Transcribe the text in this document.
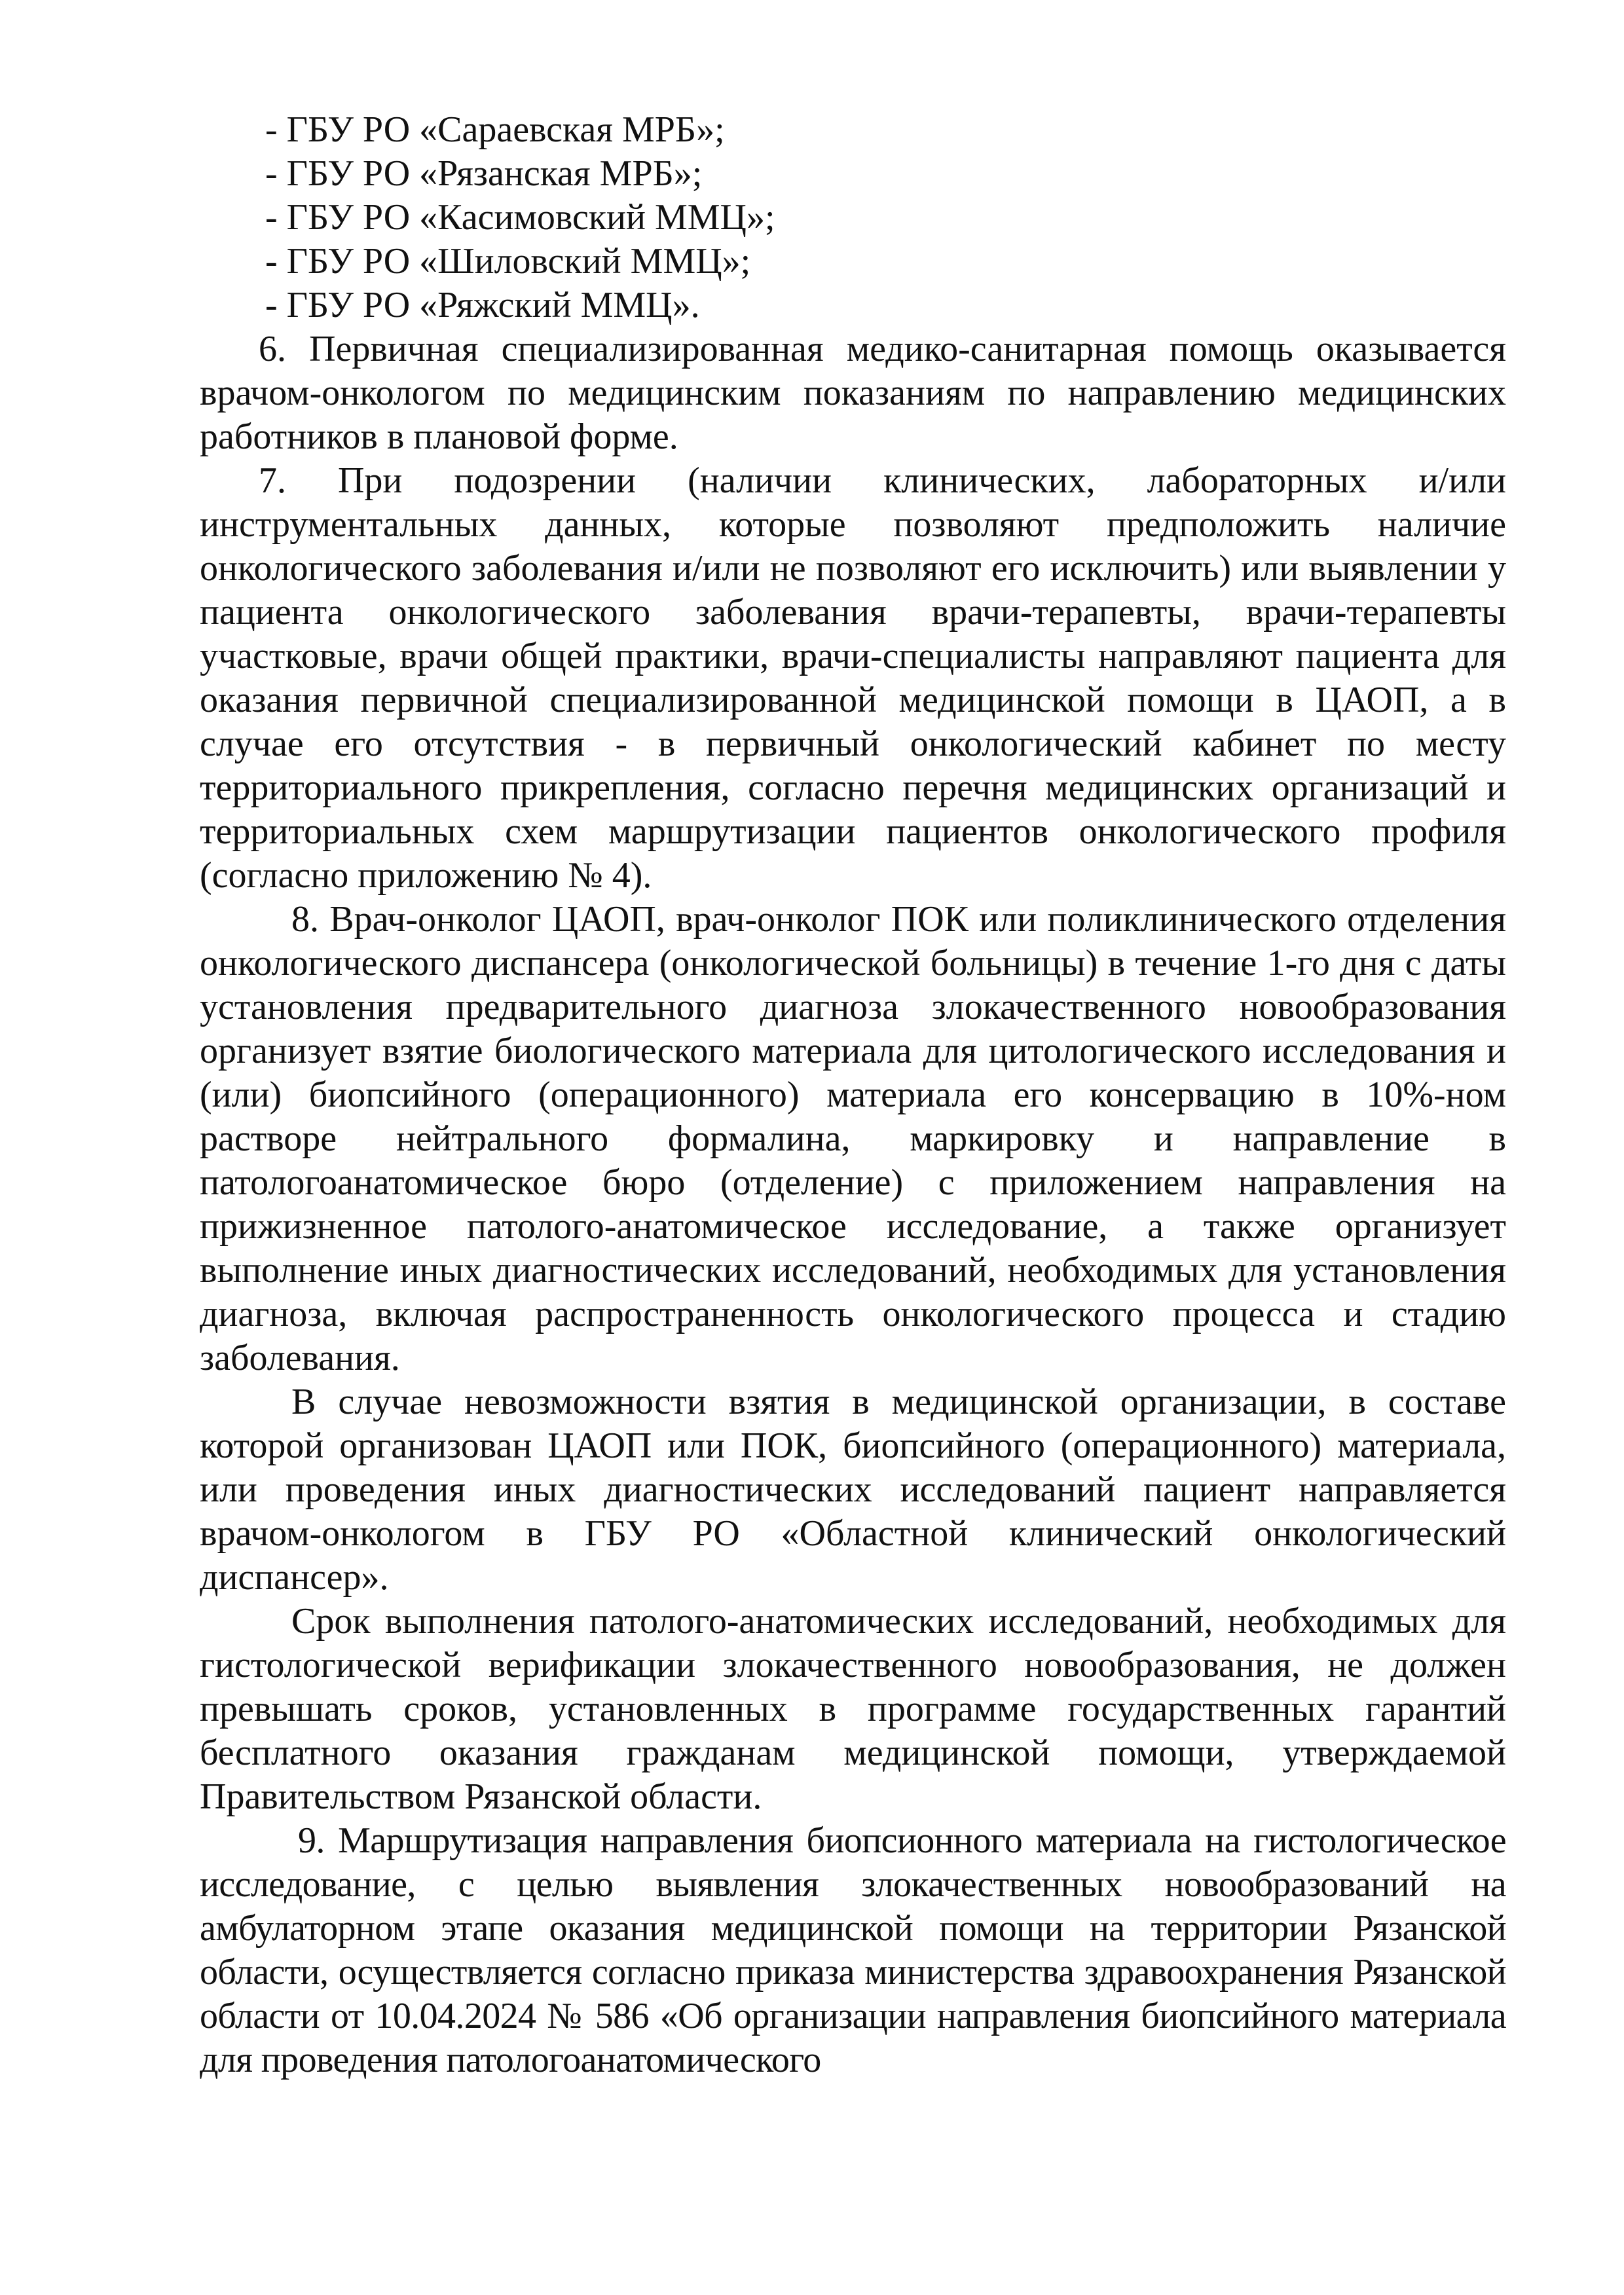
- ГБУ РО «Сараевская МРБ»;

- ГБУ РО «Рязанская МРБ»;

- ГБУ РО «Касимовский ММЦ»;

- ГБУ РО «Шиловский ММЦ»;

- ГБУ РО «Ряжский ММЦ».

6. Первичная специализированная медико-санитарная помощь оказывается врачом-онкологом по медицинским показаниям по направлению медицинских работников в плановой форме.

7. При подозрении (наличии клинических, лабораторных и/или инструментальных данных, которые позволяют предположить наличие онкологического заболевания и/или не позволяют его исключить) или выявлении у пациента онкологического заболевания врачи-терапевты, врачи-терапевты участковые, врачи общей практики, врачи-специалисты направляют пациента для оказания первичной специализированной медицинской помощи в ЦАОП, а в случае его отсутствия - в первичный онкологический кабинет по месту территориального прикрепления, согласно перечня медицинских организаций и территориальных схем маршрутизации пациентов онкологического профиля (согласно приложению № 4).

8. Врач-онколог ЦАОП, врач-онколог ПОК или поликлинического отделения онкологического диспансера (онкологической больницы) в течение 1-го дня с даты установления предварительного диагноза злокачественного новообразования организует взятие биологического материала для цитологического исследования и (или) биопсийного (операционного) материала его консервацию в 10%-ном растворе нейтрального формалина, маркировку и направление в патологоанатомическое бюро (отделение) с приложением направления на прижизненное патолого-анатомическое исследование, а также организует выполнение иных диагностических исследований, необходимых для установления диагноза, включая распространенность онкологического процесса и стадию заболевания.

В случае невозможности взятия в медицинской организации, в составе которой организован ЦАОП или ПОК, биопсийного (операционного) материала, или проведения иных диагностических исследований пациент направляется врачом-онкологом в ГБУ РО «Областной клинический онкологический диспансер».

Срок выполнения патолого-анатомических исследований, необходимых для гистологической верификации злокачественного новообразования, не должен превышать сроков, установленных в программе государственных гарантий бесплатного оказания гражданам медицинской помощи, утверждаемой Правительством Рязанской области.

9. Маршрутизация направления биопсионного материала на гистологическое исследование, с целью выявления злокачественных новообразований на амбулаторном этапе оказания медицинской помощи на территории Рязанской области, осуществляется согласно приказа министерства здравоохранения Рязанской области от 10.04.2024 № 586 «Об организации направления биопсийного материала для проведения патологоанатомического
